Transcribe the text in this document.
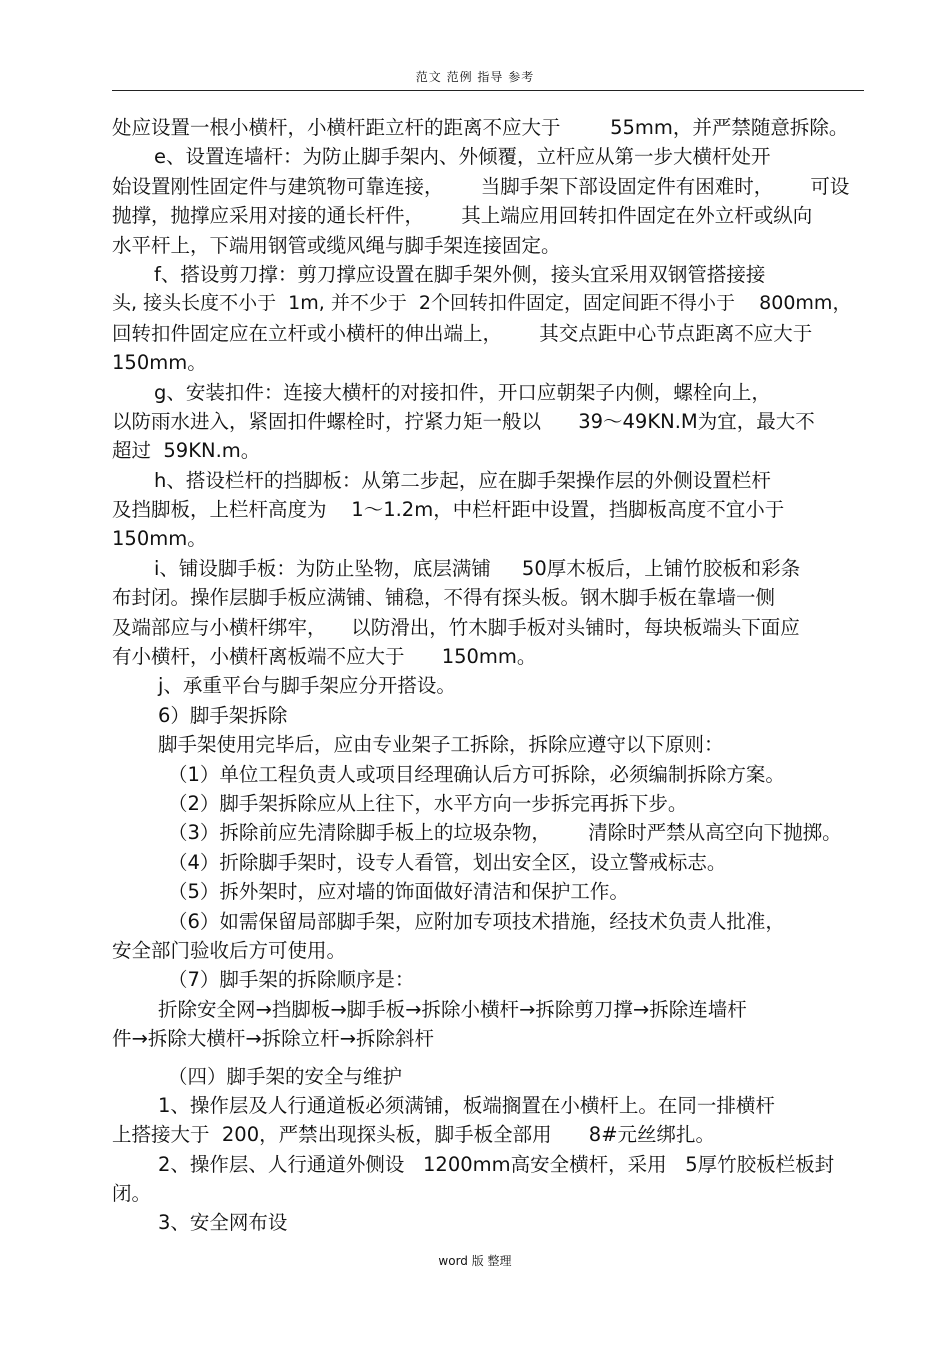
范文 范例 指导 参考
处应设置一根小横杆，小横杆距立杆的距离不应大于        55mm，并严禁随意拆除。
e、设置连墙杆：为防止脚手架内、外倾覆，立杆应从第一步大横杆处开
始设置刚性固定件与建筑物可靠连接，      当脚手架下部设固定件有困难时，      可设
抛撑，抛撑应采用对接的通长杆件，      其上端应用回转扣件固定在外立杆或纵向
水平杆上，下端用钢管或缆风绳与脚手架连接固定。
f、搭设剪刀撑：剪刀撑应设置在脚手架外侧，接头宜采用双钢管搭接接
头, 接头长度不小于  1m, 并不少于  2个回转扣件固定，固定间距不得小于    800mm，
回转扣件固定应在立杆或小横杆的伸出端上，      其交点距中心节点距离不应大于
150mm。
g、安装扣件：连接大横杆的对接扣件，开口应朝架子内侧，螺栓向上，
以防雨水进入，紧固扣件螺栓时，拧紧力矩一般以      39～49KN.M为宜，最大不
超过  59KN.m。
h、搭设栏杆的挡脚板：从第二步起，应在脚手架操作层的外侧设置栏杆
及挡脚板，上栏杆高度为    1～1.2m，中栏杆距中设置，挡脚板高度不宜小于
150mm。
i、铺设脚手板：为防止坠物，底层满铺     50厚木板后，上铺竹胶板和彩条
布封闭。操作层脚手板应满铺、铺稳，不得有探头板。钢木脚手板在靠墙一侧
及端部应与小横杆绑牢，    以防滑出，竹木脚手板对头铺时，每块板端头下面应
有小横杆，小横杆离板端不应大于      150mm。
j、承重平台与脚手架应分开搭设。
6）脚手架拆除
脚手架使用完毕后，应由专业架子工拆除，拆除应遵守以下原则：
（1）单位工程负责人或项目经理确认后方可拆除，必须编制拆除方案。
（2）脚手架拆除应从上往下，水平方向一步拆完再拆下步。
（3）拆除前应先清除脚手板上的垃圾杂物，      清除时严禁从高空向下抛掷。
（4）折除脚手架时，设专人看管，划出安全区，设立警戒标志。
（5）拆外架时，应对墙的饰面做好清洁和保护工作。
（6）如需保留局部脚手架，应附加专项技术措施，经技术负责人批准，
安全部门验收后方可使用。
（7）脚手架的拆除顺序是：
折除安全网→挡脚板→脚手板→拆除小横杆→拆除剪刀撑→拆除连墙杆
件→拆除大横杆→拆除立杆→拆除斜杆
（四）脚手架的安全与维护
1、操作层及人行通道板必须满铺，板端搁置在小横杆上。在同一排横杆
上搭接大于  200，严禁出现探头板，脚手板全部用      8#元丝绑扎。
2、操作层、人行通道外侧设   1200mm高安全横杆，采用   5厚竹胶板栏板封
闭。
3、安全网布设
word 版 整理
